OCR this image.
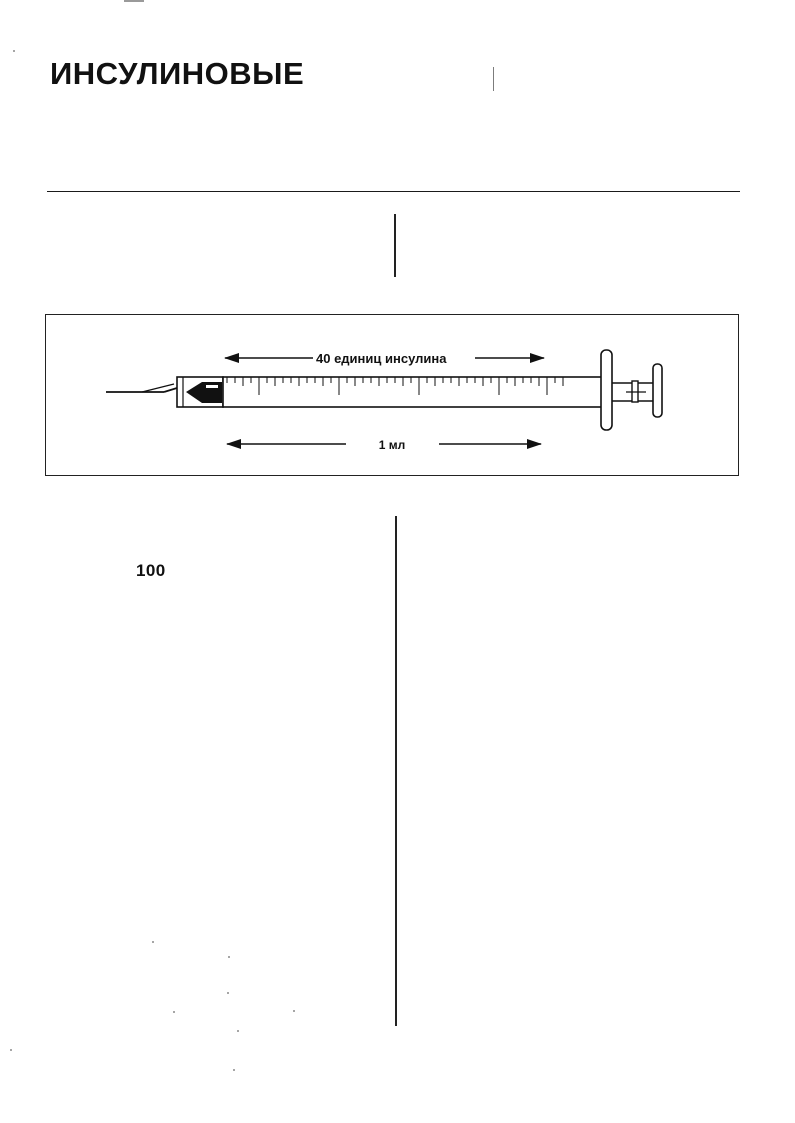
ИНСУЛИНОВЫЕ
40 единиц инсулина
1 мл
100
